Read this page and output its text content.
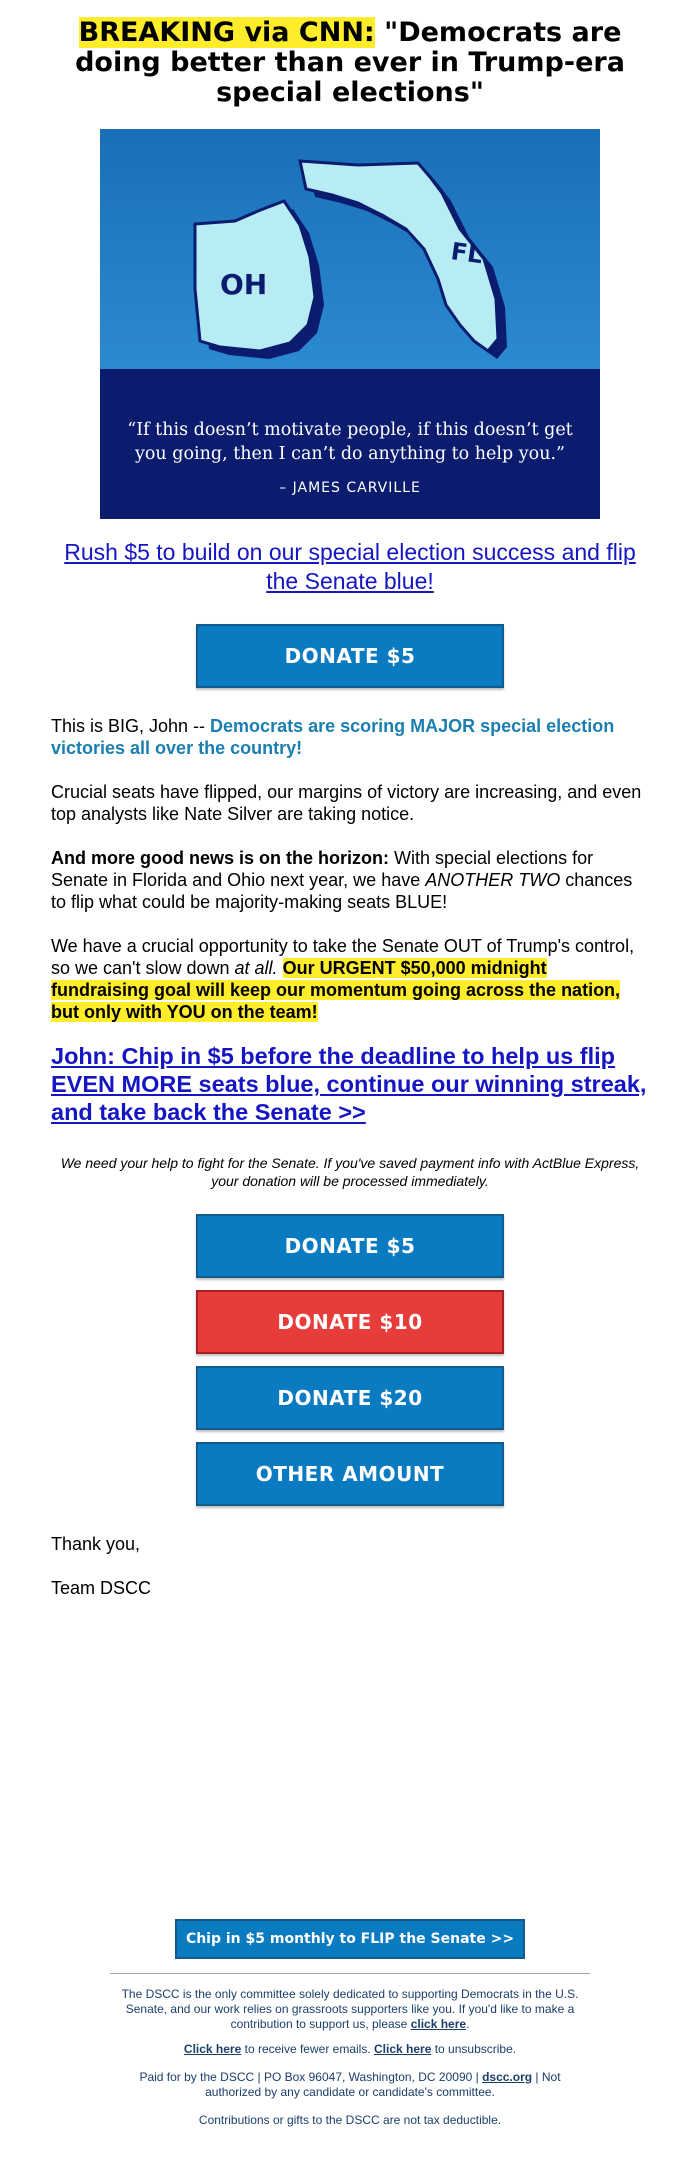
BREAKING via CNN: "Democrats are doing better than ever in Trump-era special elections"
OH
FL
“If this doesn’t motivate people, if this doesn’t get
you going, then I can’t do anything to help you.”
– JAMES CARVILLE
Rush $5 to build on our special election success and flip the Senate blue!
DONATE $5
This is BIG, John -- Democrats are scoring MAJOR special election victories all over the country!
Crucial seats have flipped, our margins of victory are increasing, and even top analysts like Nate Silver are taking notice.
And more good news is on the horizon: With special elections for Senate in Florida and Ohio next year, we have ANOTHER TWO chances to flip what could be majority-making seats BLUE!
We have a crucial opportunity to take the Senate OUT of Trump's control, so we can't slow down at all. Our URGENT $50,000 midnight fundraising goal will keep our momentum going across the nation, but only with YOU on the team!
John: Chip in $5 before the deadline to help us flip EVEN MORE seats blue, continue our winning streak, and take back the Senate >>
We need your help to fight for the Senate. If you've saved payment info with ActBlue Express, your donation will be processed immediately.
DONATE $5
DONATE $10
DONATE $20
OTHER AMOUNT
Thank you,
Team DSCC
Chip in $5 monthly to FLIP the Senate >>
The DSCC is the only committee solely dedicated to supporting Democrats in the U.S. Senate, and our work relies on grassroots supporters like you. If you'd like to make a contribution to support us, please click here.
Click here to receive fewer emails. Click here to unsubscribe.
Paid for by the DSCC | PO Box 96047, Washington, DC 20090 | dscc.org | Not authorized by any candidate or candidate's committee.
Contributions or gifts to the DSCC are not tax deductible.
